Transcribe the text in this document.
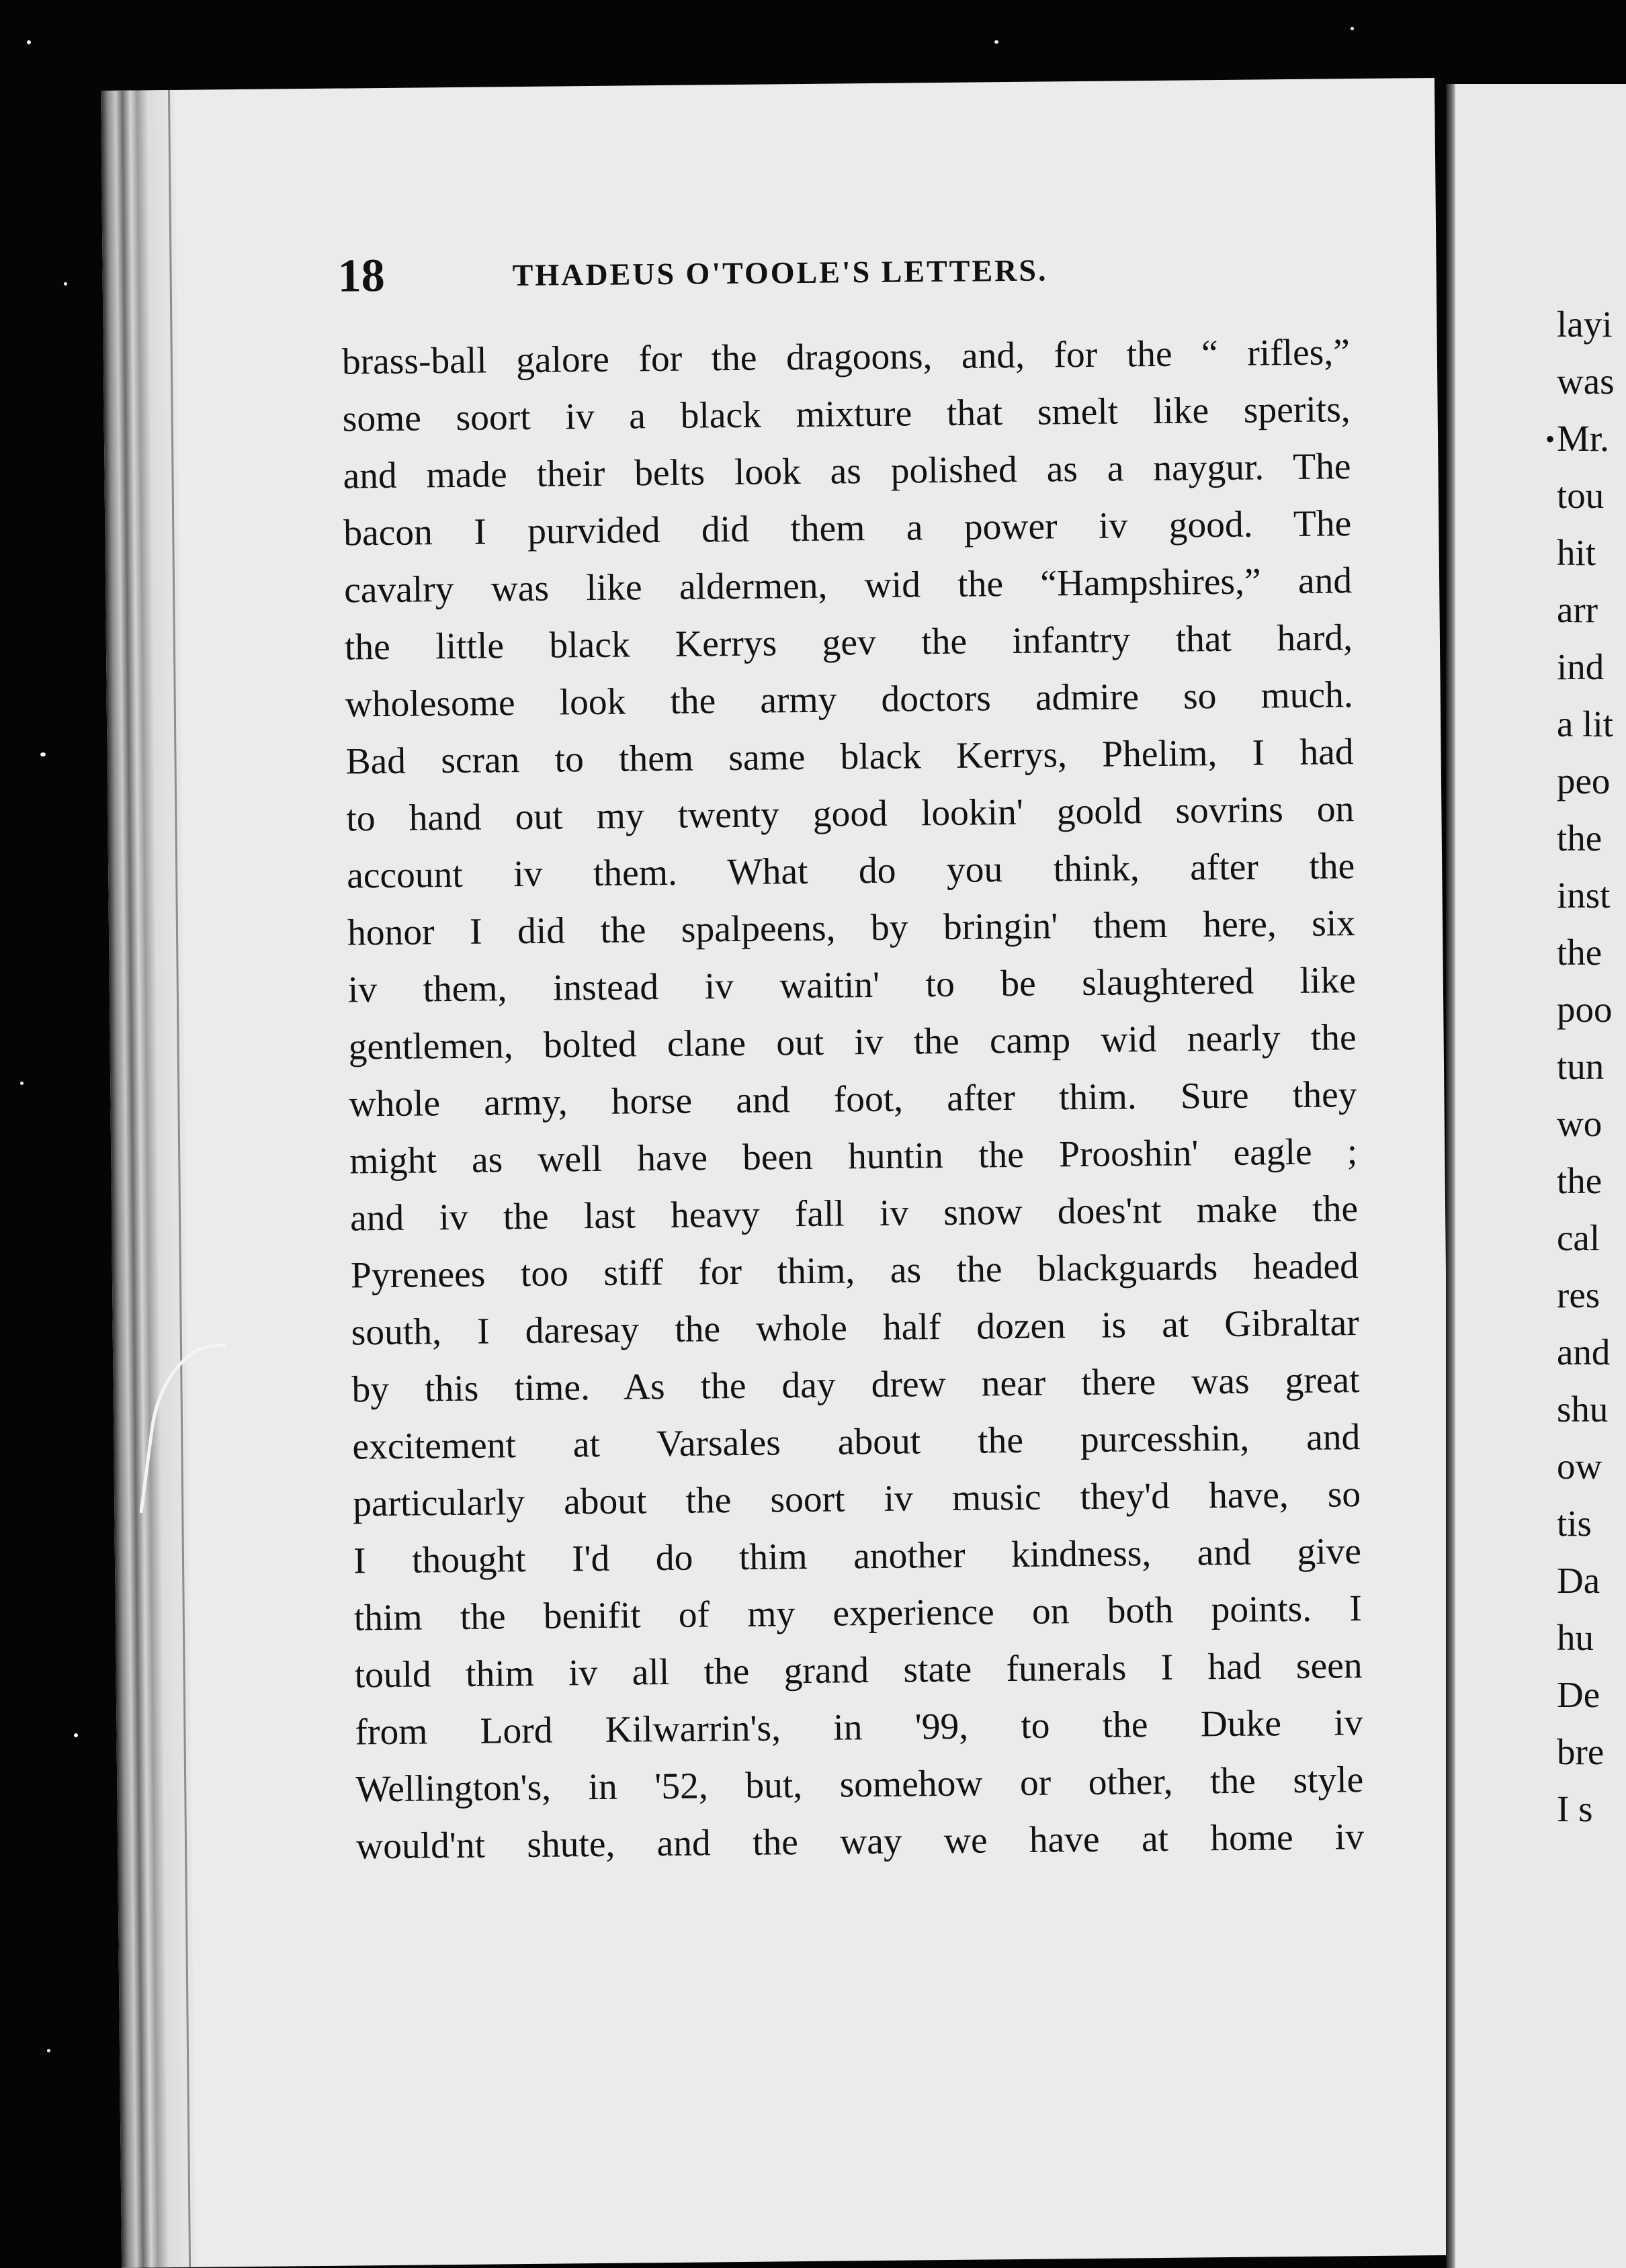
18	THADEUS O'TOOLE'S LETTERS.
brass-ball galore for the dragoons, and, for the “ rifles,”
some soort iv a black mixture that smelt like sperits,
and made their belts look as polished as a naygur. The
bacon I purvided did them a power iv good. The
cavalry was like aldermen, wid the “Hampshires,” and
the little black Kerrys gev the infantry that hard,
wholesome look the army doctors admire so much.
Bad scran to them same black Kerrys, Phelim, I had
to hand out my twenty good lookin' goold sovrins on
account iv them. What do you think, after the
honor I did the spalpeens, by bringin' them here, six
iv them, instead iv waitin' to be slaughtered like
gentlemen, bolted clane out iv the camp wid nearly the
whole army, horse and foot, after thim. Sure they
might as well have been huntin the Prooshin' eagle ;
and iv the last heavy fall iv snow does'nt make the
Pyrenees too stiff for thim, as the blackguards headed
south, I daresay the whole half dozen is at Gibraltar
by this time. As the day drew near there was great
excitement at Varsales about the purcesshin, and
particularly about the soort iv music they'd have, so
I thought I'd do thim another kindness, and give
thim the benifit of my experience on both points. I
tould thim iv all the grand state funerals I had seen
from Lord Kilwarrin's, in '99, to the Duke iv
Wellington's, in '52, but, somehow or other, the style
would'nt shute, and the way we have at home iv
•
layi
was
Mr.
tou
hit
arr
ind
a lit
peo
the
inst
the
poo
tun
wo
the
cal
res
and
shu
ow
tis
Da
hu
De
bre
I s
